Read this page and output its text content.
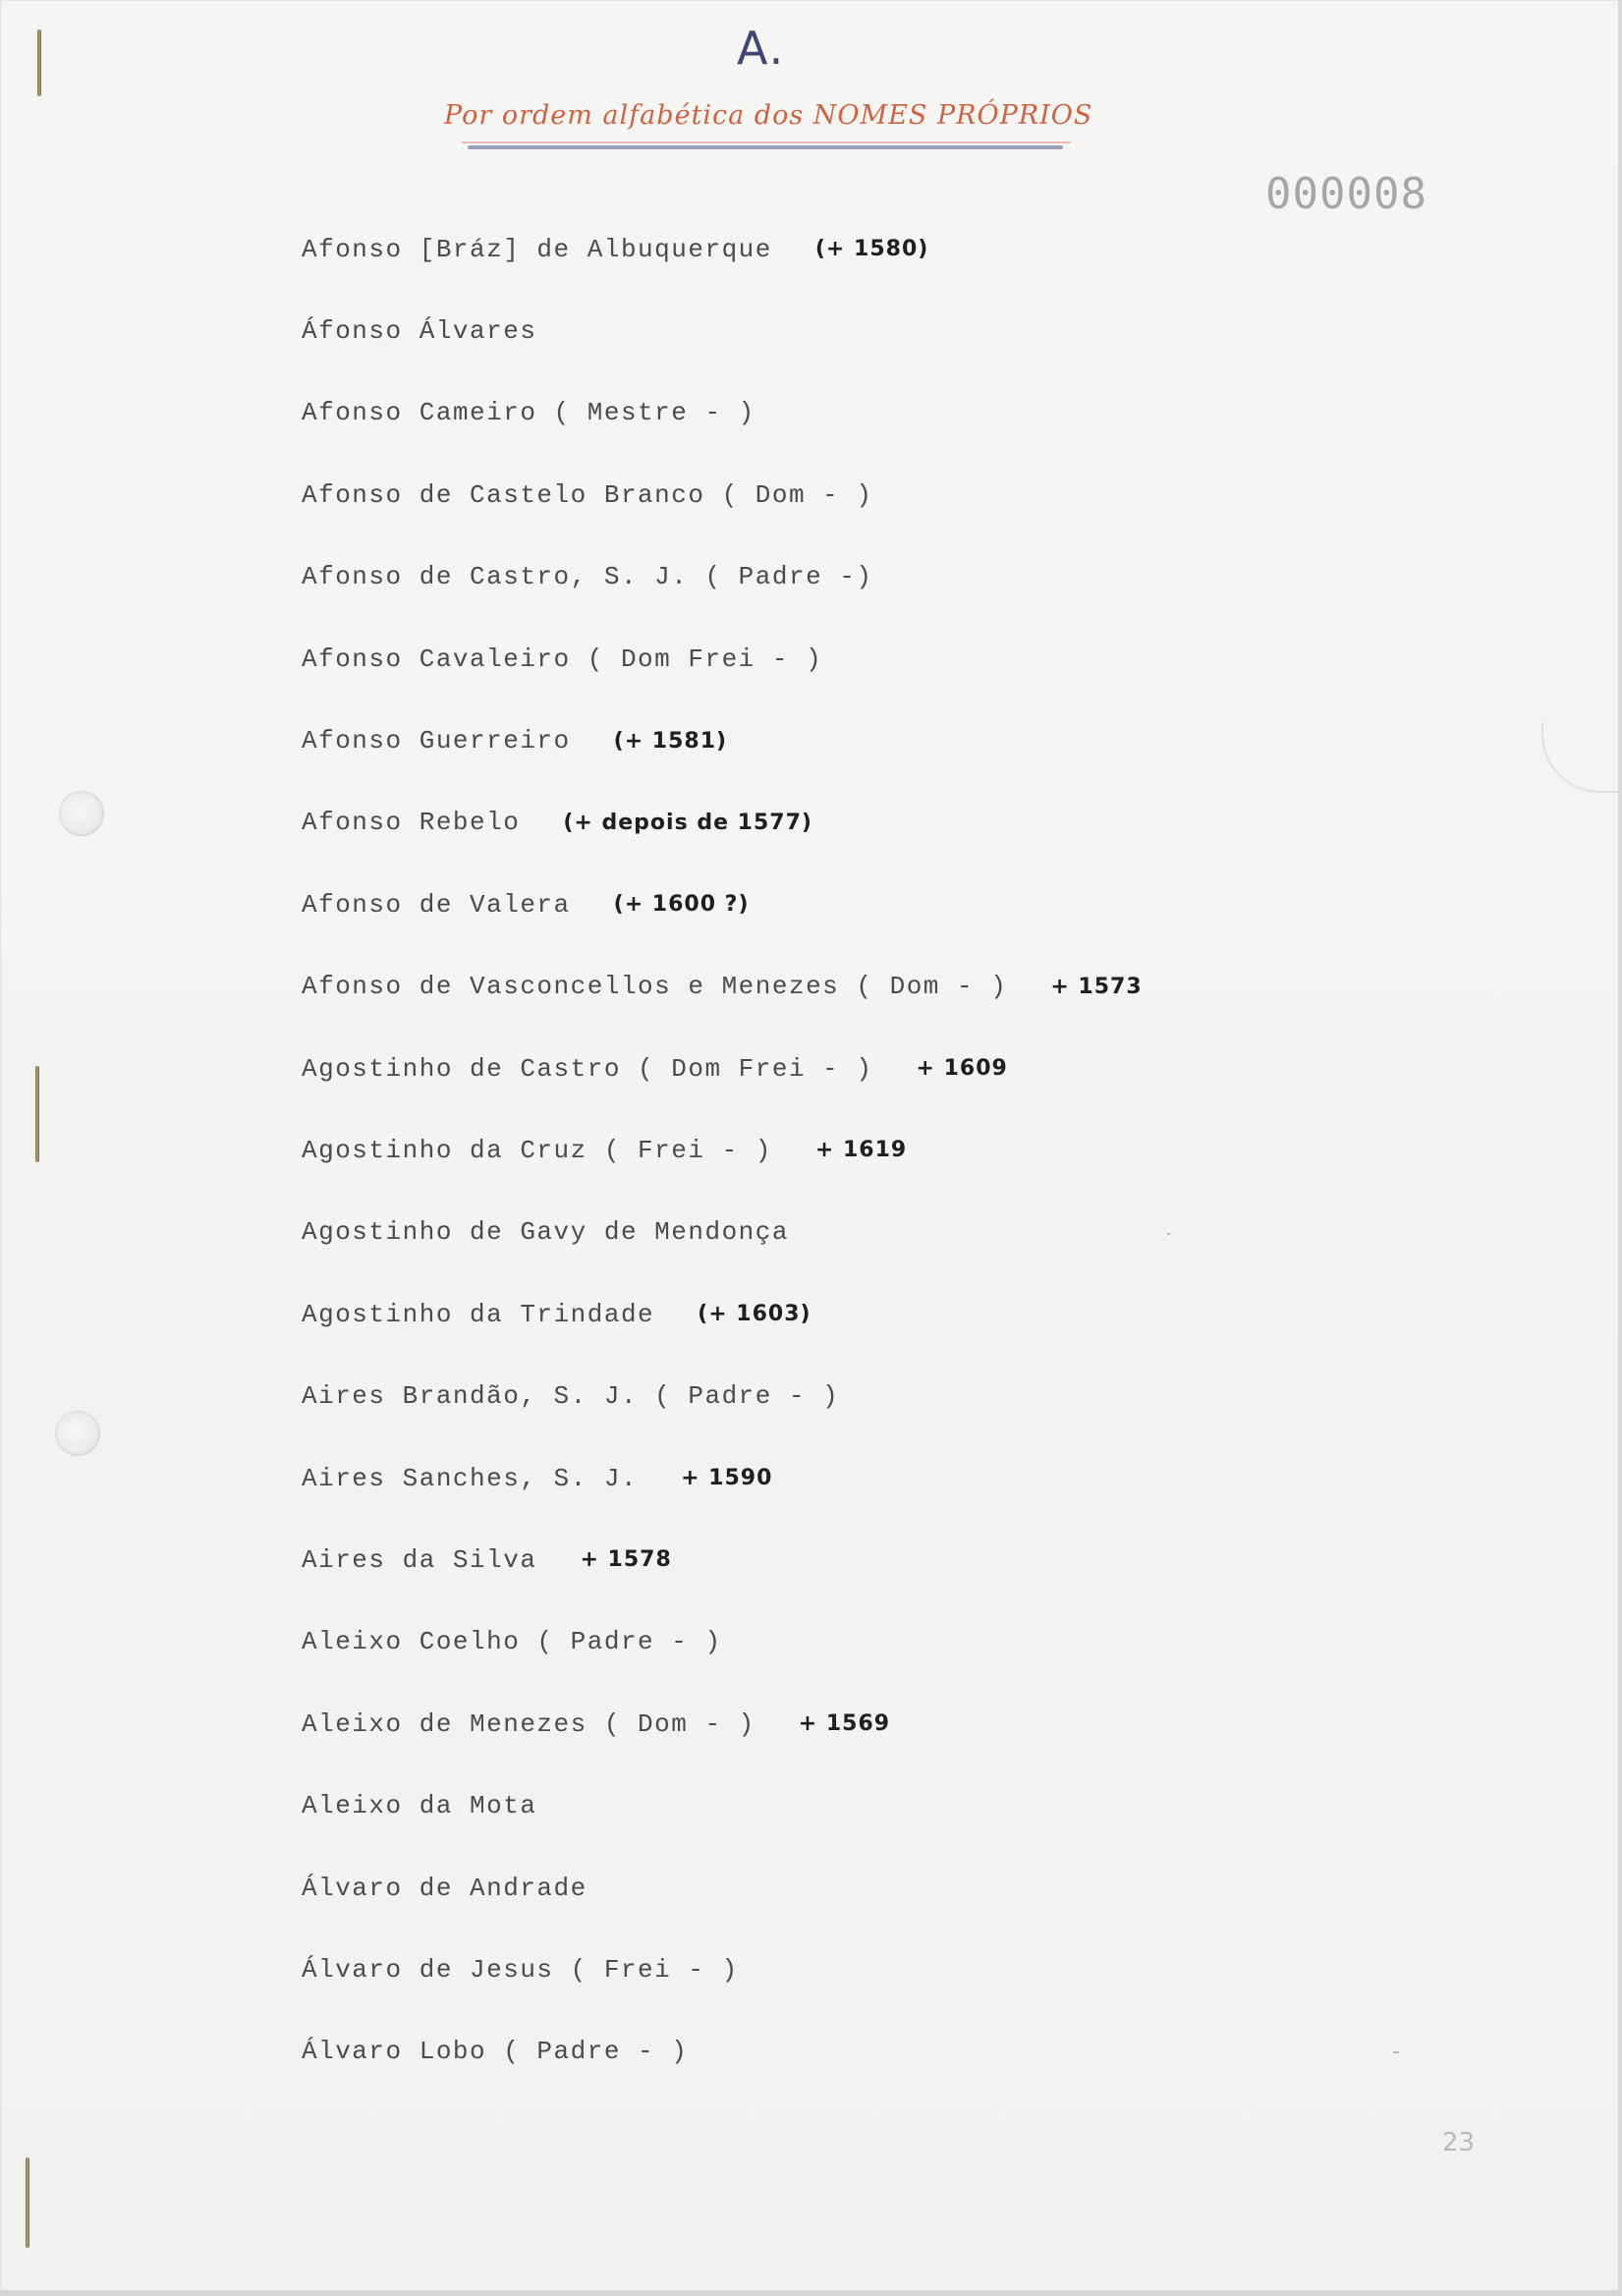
A.
Por ordem alfabética dos NOMES PRÓPRIOS
000008
Afonso [Bráz] de Albuquerque (+ 1580)
Áfonso Álvares
Afonso Cameiro ( Mestre - )
Afonso de Castelo Branco ( Dom - )
Afonso de Castro, S. J. ( Padre -)
Afonso Cavaleiro ( Dom Frei - )
Afonso Guerreiro (+ 1581)
Afonso Rebelo (+ depois de 1577)
Afonso de Valera (+ 1600 ?)
Afonso de Vasconcellos e Menezes ( Dom - ) + 1573
Agostinho de Castro ( Dom Frei - ) + 1609
Agostinho da Cruz ( Frei - ) + 1619
Agostinho de Gavy de Mendonça
Agostinho da Trindade (+ 1603)
Aires Brandão, S. J. ( Padre - )
Aires Sanches, S. J. + 1590
Aires da Silva + 1578
Aleixo Coelho ( Padre - )
Aleixo de Menezes ( Dom - ) + 1569
Aleixo da Mota
Álvaro de Andrade
Álvaro de Jesus ( Frei - )
Álvaro Lobo ( Padre - )
23
